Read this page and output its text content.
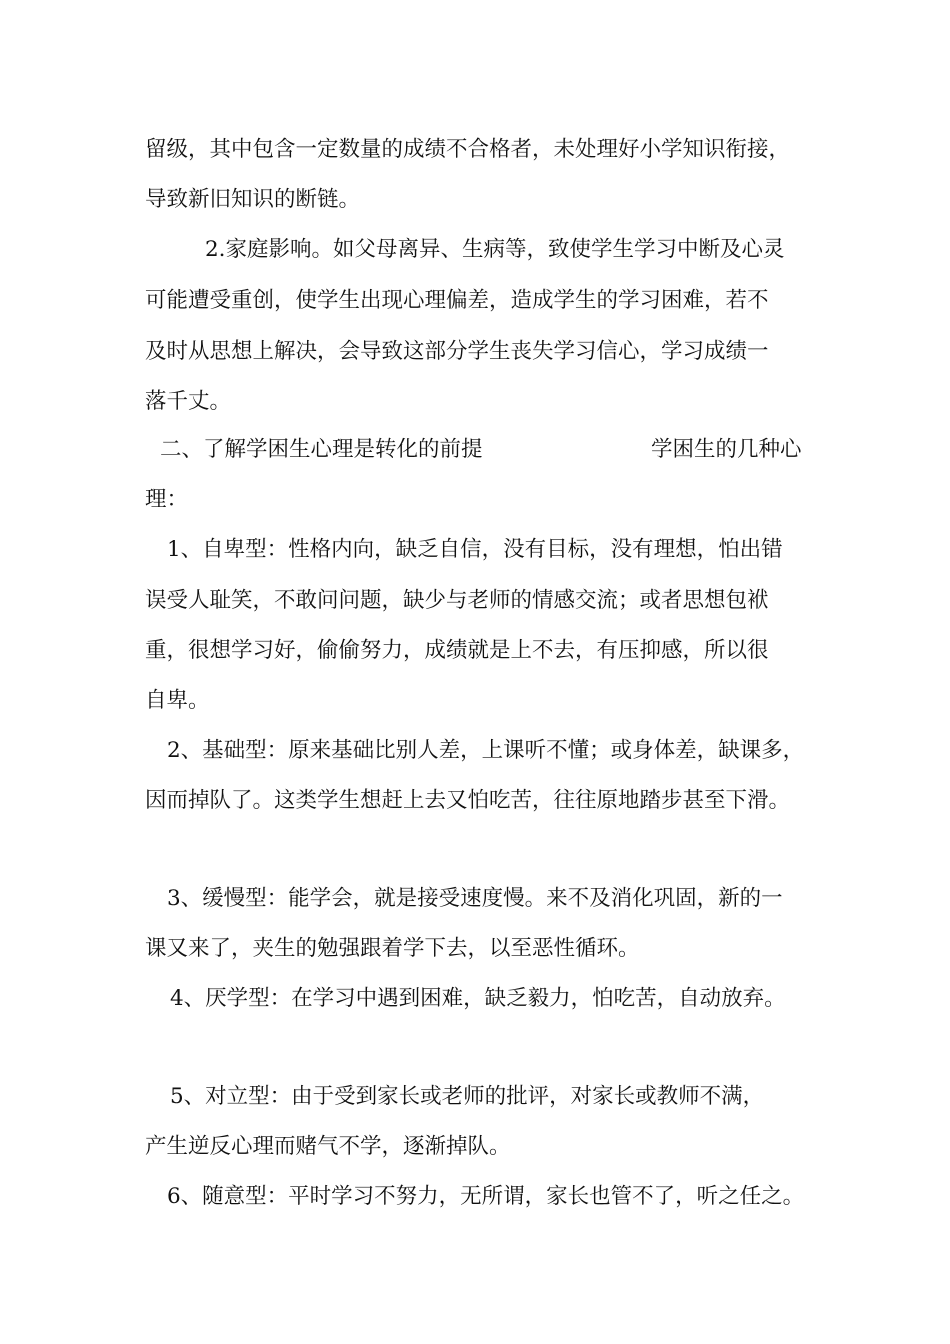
留级，其中包含一定数量的成绩不合格者，未处理好小学知识衔接，
导致新旧知识的断链。
2.家庭影响。如父母离异、生病等，致使学生学习中断及心灵
可能遭受重创，使学生出现心理偏差，造成学生的学习困难，若不
及时从思想上解决，会导致这部分学生丧失学习信心，学习成绩一
落千丈。
二、了解学困生心理是转化的前提	学困生的几种心
理：
1、自卑型：性格内向，缺乏自信，没有目标，没有理想，怕出错
误受人耻笑，不敢问问题，缺少与老师的情感交流；或者思想包袱
重，很想学习好，偷偷努力，成绩就是上不去，有压抑感，所以很
自卑。
2、基础型：原来基础比别人差，上课听不懂；或身体差，缺课多，
因而掉队了。这类学生想赶上去又怕吃苦，往往原地踏步甚至下滑。
3、缓慢型：能学会，就是接受速度慢。来不及消化巩固，新的一
课又来了，夹生的勉强跟着学下去，以至恶性循环。
4、厌学型：在学习中遇到困难，缺乏毅力，怕吃苦，自动放弃。
5、对立型：由于受到家长或老师的批评，对家长或教师不满，
产生逆反心理而赌气不学，逐渐掉队。
6、随意型：平时学习不努力，无所谓，家长也管不了，听之任之。
